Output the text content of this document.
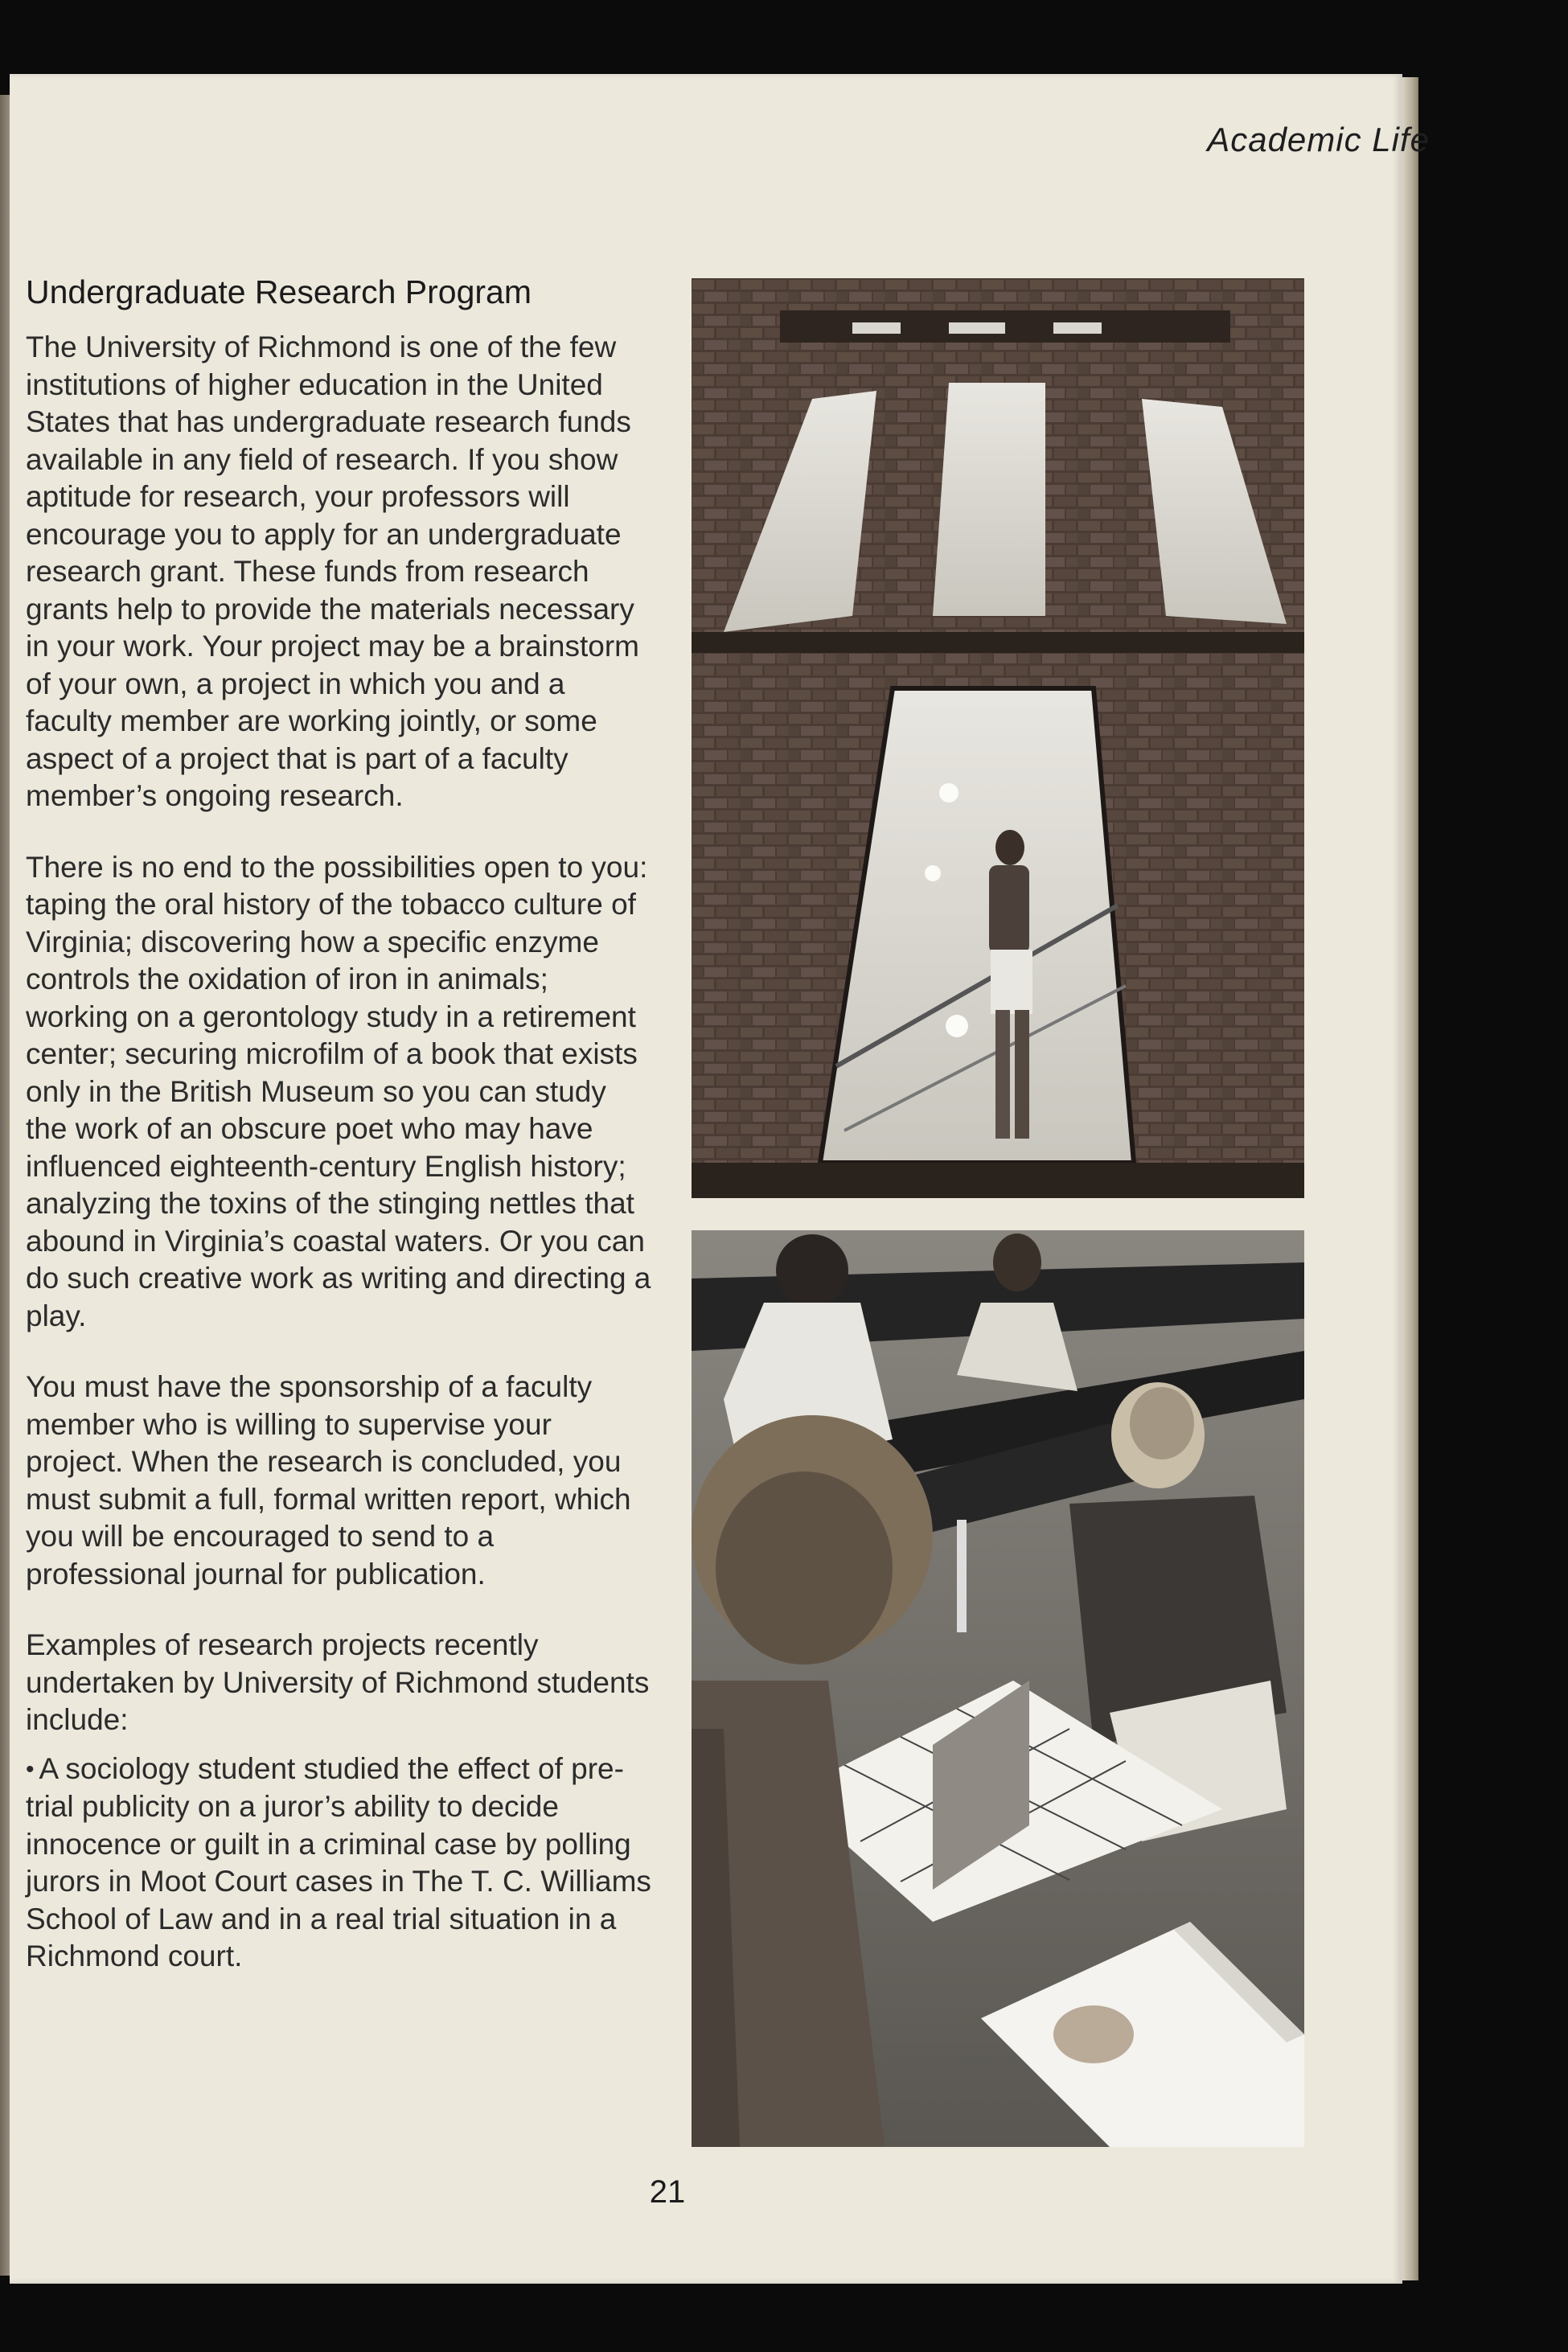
Academic Life
Undergraduate Research Program

The University of Richmond is one of the few institutions of higher education in the United States that has undergraduate research funds available in any field of research. If you show aptitude for research, your professors will encourage you to apply for an undergraduate research grant. These funds from research grants help to provide the materials necessary in your work. Your project may be a brainstorm of your own, a project in which you and a faculty member are working jointly, or some aspect of a project that is part of a faculty member’s ongoing research.

There is no end to the possibilities open to you: taping the oral history of the tobacco culture of Virginia; discovering how a specific enzyme controls the oxidation of iron in animals; working on a gerontology study in a retirement center; securing microfilm of a book that exists only in the British Museum so you can study the work of an obscure poet who may have influenced eighteenth-century English history; analyzing the toxins of the stinging nettles that abound in Virginia’s coastal waters. Or you can do such creative work as writing and directing a play.

You must have the sponsorship of a faculty member who is willing to supervise your project. When the research is concluded, you must submit a full, formal written report, which you will be encouraged to send to a professional journal for publication.

Examples of research projects recently undertaken by University of Richmond students include:

• A sociology student studied the effect of pre-trial publicity on a juror’s ability to decide innocence or guilt in a criminal case by polling jurors in Moot Court cases in The T. C. Williams School of Law and in a real trial situation in a Richmond court.

21
